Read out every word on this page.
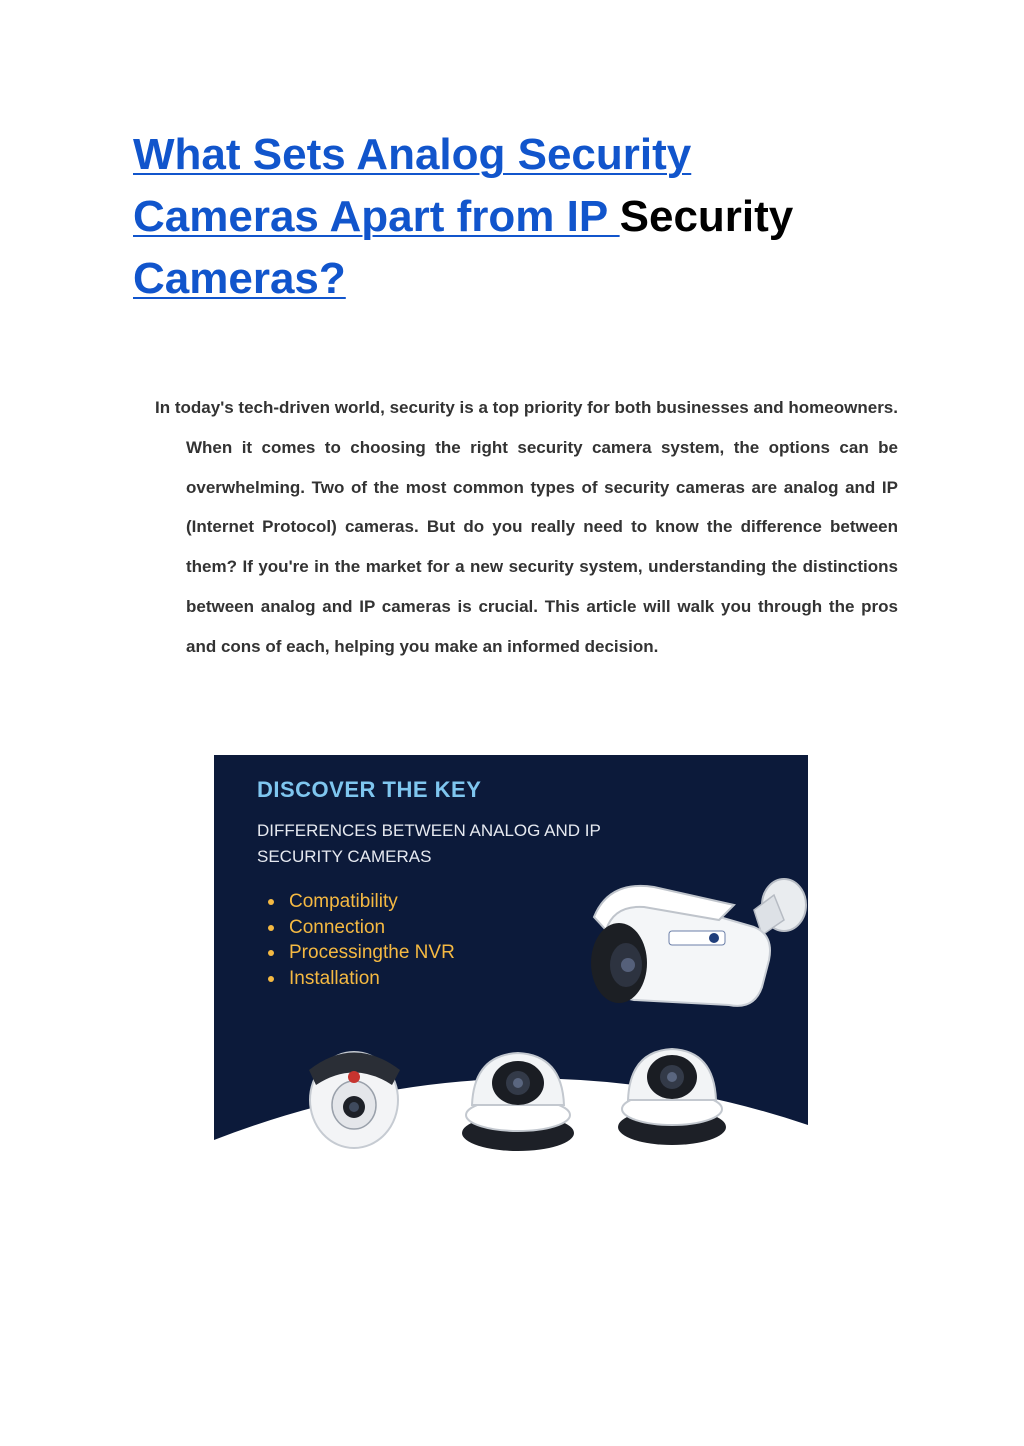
What Sets Analog Security Cameras Apart from IP Security
Cameras?

In today's tech-driven world, security is a top priority for both businesses and homeowners. When it comes to choosing the right security camera system, the options can be overwhelming. Two of the most common types of security cameras are analog and IP (Internet Protocol) cameras. But do you really need to know the difference between them? If you're in the market for a new security system, understanding the distinctions between analog and IP cameras is crucial. This article will walk you through the pros and cons of each, helping you make an informed decision.

DISCOVER THE KEY

DIFFERENCES BETWEEN ANALOG AND IP SECURITY CAMERAS

Compatibility
Connection
Processingthe NVR
Installation
